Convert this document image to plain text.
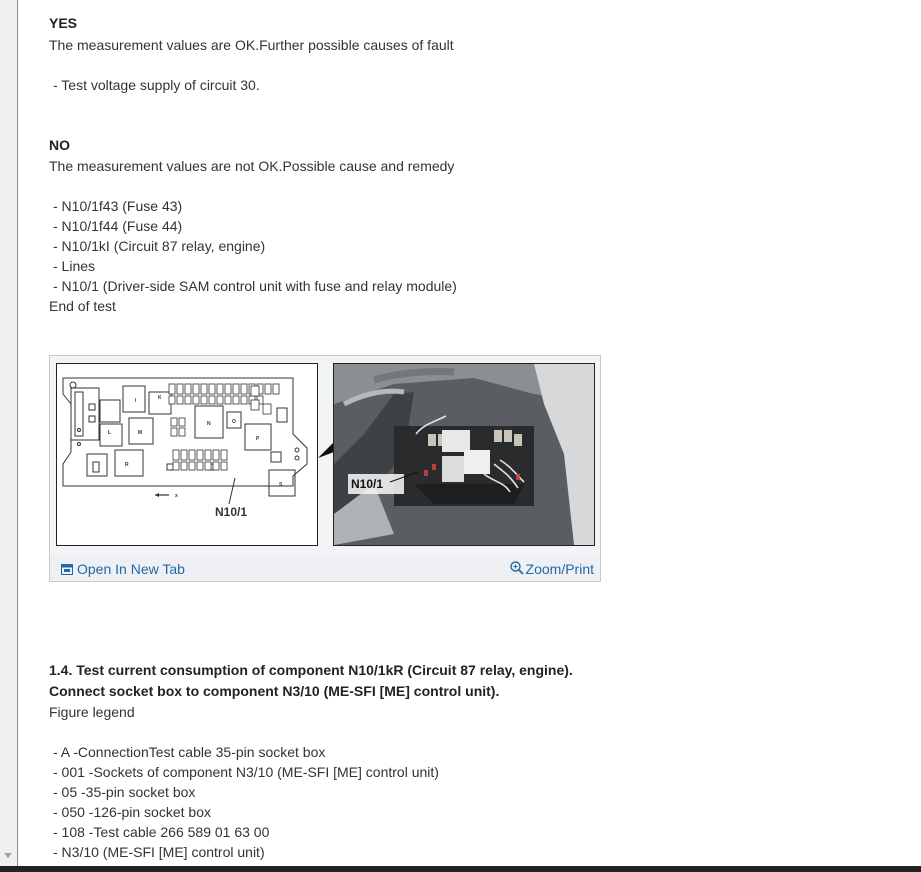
YES
The measurement values are OK.Further possible causes of fault
- Test voltage supply of circuit 30.
NO
The measurement values are not OK.Possible cause and remedy
- N10/1f43 (Fuse 43)
- N10/1f44 (Fuse 44)
- N10/1kI (Circuit 87 relay, engine)
- Lines
- N10/1 (Driver-side SAM control unit with fuse and relay module)
End of test
K
I
L	M
N	O
P
R
S
x
N10/1
N10/1
Open In New Tab	Zoom/Print
1.4. Test current consumption of component N10/1kR (Circuit 87 relay, engine).
Connect socket box to component N3/10 (ME-SFI [ME] control unit).
Figure legend
- A -ConnectionTest cable 35-pin socket box
- 001 -Sockets of component N3/10 (ME-SFI [ME] control unit)
- 05 -35-pin socket box
- 050 -126-pin socket box
- 108 -Test cable 266 589 01 63 00
- N3/10 (ME-SFI [ME] control unit)
